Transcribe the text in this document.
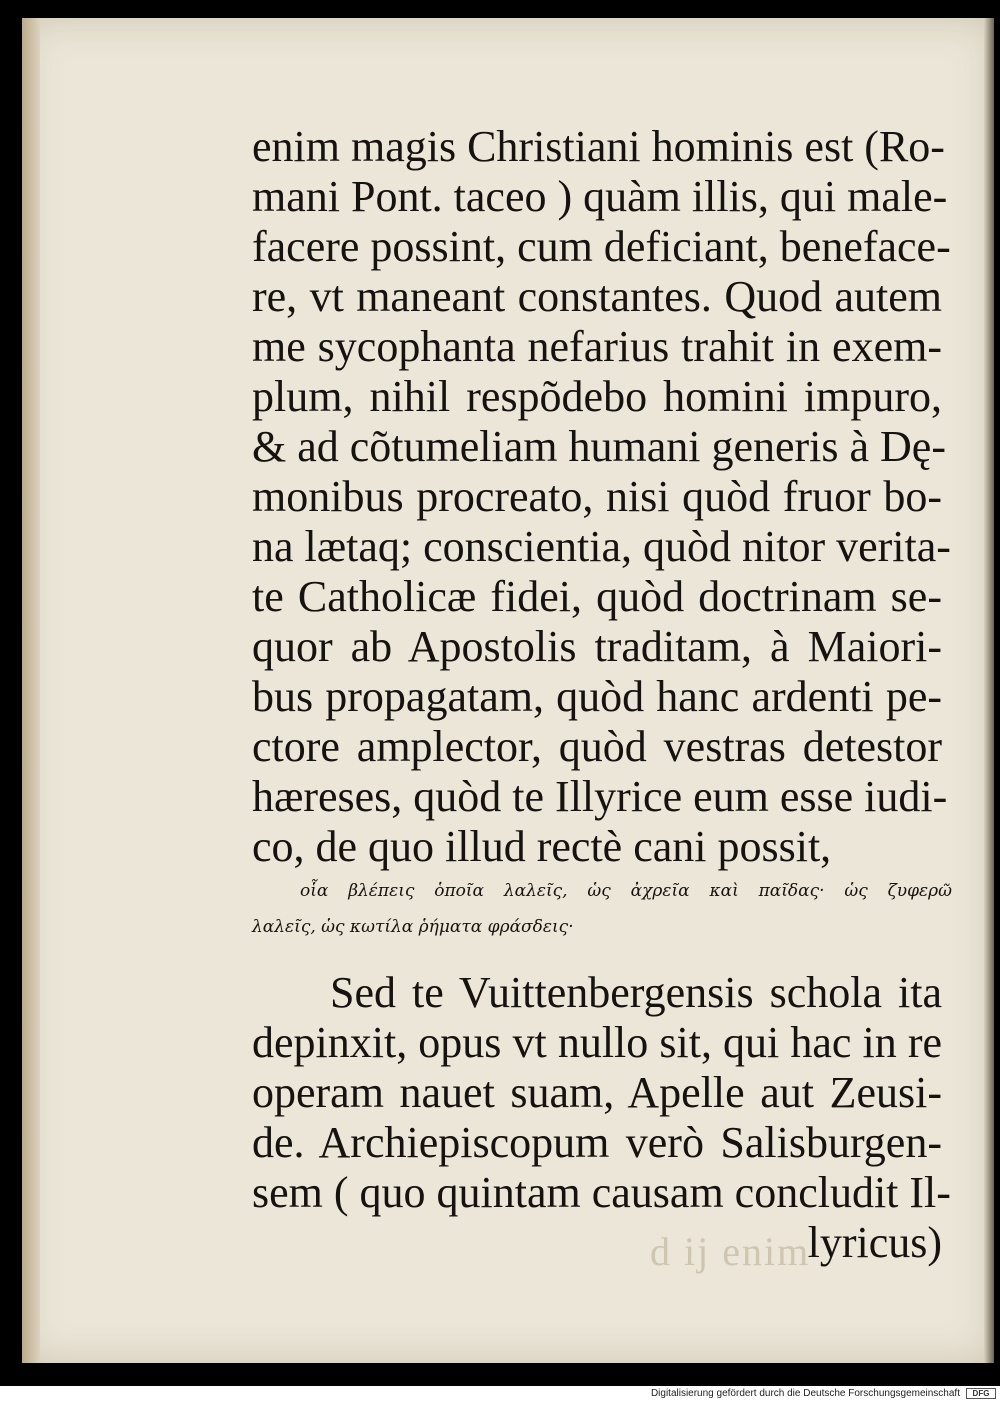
d ij enim
enim magis Christiani hominis est (Ro-
mani Pont. taceo ) quàm illis, qui male-
facere possint, cum deficiant, beneface-
re, vt maneant constantes. Quod autem
me sycophanta nefarius trahit in exem-
plum, nihil respõdebo homini impuro,
& ad cõtumeliam humani generis à Dę-
monibus procreato, nisi quòd fruor bo-
na lætaq; conscientia, quòd nitor verita-
te Catholicæ fidei, quòd doctrinam se-
quor ab Apostolis traditam, à Maiori-
bus propagatam, quòd hanc ardenti pe-
ctore amplector, quòd vestras detestor
hæreses, quòd te Illyrice eum esse iudi-
co, de quo illud rectè cani possit,
οἷα βλέπεις ὁποῖα λαλεῖς, ὡς ἀχρεῖα καὶ παῖδας· ὡς ζυφερῶ
λαλεῖς, ὡς κωτίλα ῥήματα φράσδεις·
Sed te Vuittenbergensis schola ita
depinxit, opus vt nullo sit, qui hac in re
operam nauet suam, Apelle aut Zeusi-
de. Archiepiscopum verò Salisburgen-
sem ( quo quintam causam concludit Il-
lyricus)
Digitalisierung gefördert durch die Deutsche Forschungsgemeinschaft	DFG
